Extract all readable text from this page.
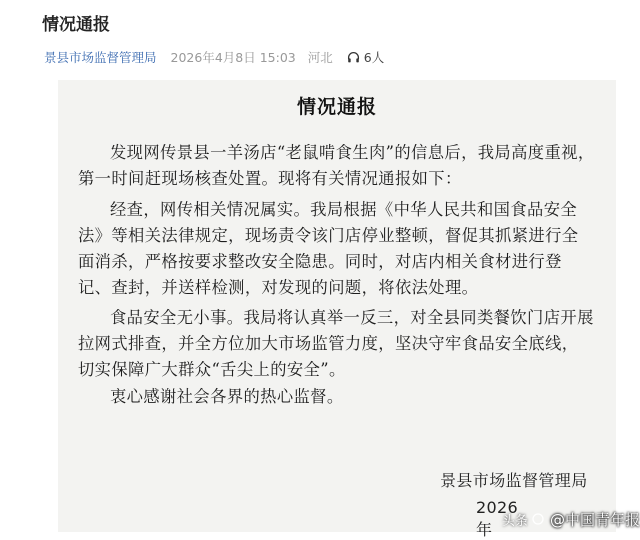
情况通报
景县市场监督管理局 2026年4月8日 15:03 河北 6人
情况通报
发现网传景县一羊汤店“老鼠啃食生肉”的信息后，我局高度重视，
第一时间赶现场核查处置。现将有关情况通报如下：
经查，网传相关情况属实。我局根据《中华人民共和国食品安全
法》等相关法律规定，现场责令该门店停业整顿，督促其抓紧进行全
面消杀，严格按要求整改安全隐患。同时，对店内相关食材进行登
记、查封，并送样检测，对发现的问题，将依法处理。
食品安全无小事。我局将认真举一反三，对全县同类餐饮门店开展
拉网式排查，并全方位加大市场监管力度，坚决守牢食品安全底线，
切实保障广大群众“舌尖上的安全”。
衷心感谢社会各界的热心监督。
景县市场监督管理局
2026年 头条 @中国青年报
